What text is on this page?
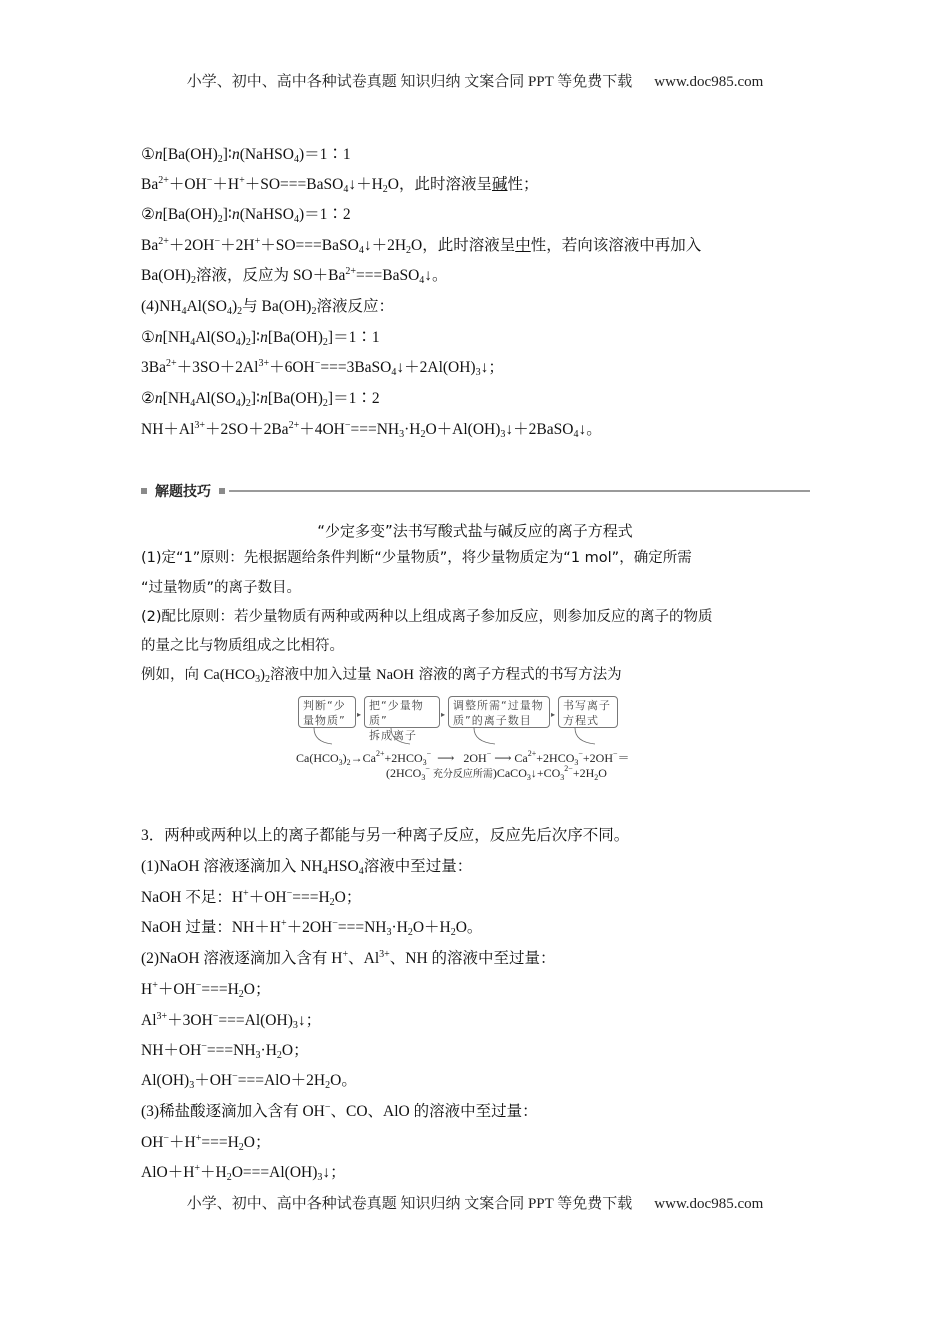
小学、初中、高中各种试卷真题 知识归纳 文案合同 PPT 等免费下载 www.doc985.com
$①n[Ba(OH)_2]∶n(NaHSO_4)=1∶1$
$Ba^{2+}+OH^-+H^++SO===BaSO_4↓+H_2O$，此时溶液呈碱性；
$②n[Ba(OH)_2]∶n(NaHSO_4)=1∶2$
$Ba^{2+}+2OH^-+2H^++SO===BaSO_4↓+2H_2O$，此时溶液呈中性，若向该溶液中再加入
$Ba(OH)_2$溶液，反应为 $SO+Ba^{2+}===BaSO_4↓$。
$(4)NH_4Al(SO_4)_2$与 $Ba(OH)_2$溶液反应：
$①n[NH_4Al(SO_4)_2]∶n[Ba(OH)_2]=1∶1$
$3Ba^{2+}+3SO+2Al^{3+}+6OH^-===3BaSO_4↓+2Al(OH)_3↓$；
$②n[NH_4Al(SO_4)_2]∶n[Ba(OH)_2]=1∶2$
$NH+Al^{3+}+2SO+2Ba^{2+}+4OH^-===NH_3\cdot H_2O+Al(OH)_3↓+2BaSO_4↓$。
解题技巧
“少定多变”法书写酸式盐与碱反应的离子方程式
(1)定“1”原则：先根据题给条件判断“少量物质”，将少量物质定为“1 mol”，确定所需
“过量物质”的离子数目。
(2)配比原则：若少量物质有两种或两种以上组成离子参加反应，则参加反应的离子的物质
的量之比与物质组成之比相符。
例如，向 $Ca(HCO_3)_2$溶液中加入过量 NaOH 溶液的离子方程式的书写方法为
判断“少
量物质”	▸
把“少量物质”
拆成离子
▸
调整所需“过量物
质”的离子数目	▸
书写离子
方程式
$Ca(HCO_3)_2\to Ca^{2+}+2HCO_3^-$  ⟶   2OH− ⟶ $Ca^{2+}+2HCO_3^-+2OH^-=$
($2HCO_3^-$ 充分反应所需)$CaCO_3↓+CO_3^{2-}+2H_2O$
3．两种或两种以上的离子都能与另一种离子反应，反应先后次序不同。
(1)NaOH 溶液逐滴加入 $NH_4HSO_4$溶液中至过量：
NaOH 不足：$H^++OH^-===H_2O$；
NaOH 过量：$NH+H^++2OH^-===NH_3\cdot H_2O+H_2O$。
(2)NaOH 溶液逐滴加入含有 H+、$Al^{3+}$、NH 的溶液中至过量：
$H^++OH^-===H_2O$；
$Al^{3+}+3OH^-===Al(OH)_3↓$；
$NH+OH^-===NH_3\cdot H_2O$；
$Al(OH)_3+OH^-===AlO+2H_2O$。
(3)稀盐酸逐滴加入含有 OH−、CO、AlO 的溶液中至过量：
$OH^-+H^+===H_2O$；
$AlO+H^++H_2O===Al(OH)_3↓$；
小学、初中、高中各种试卷真题 知识归纳 文案合同 PPT 等免费下载 www.doc985.com
